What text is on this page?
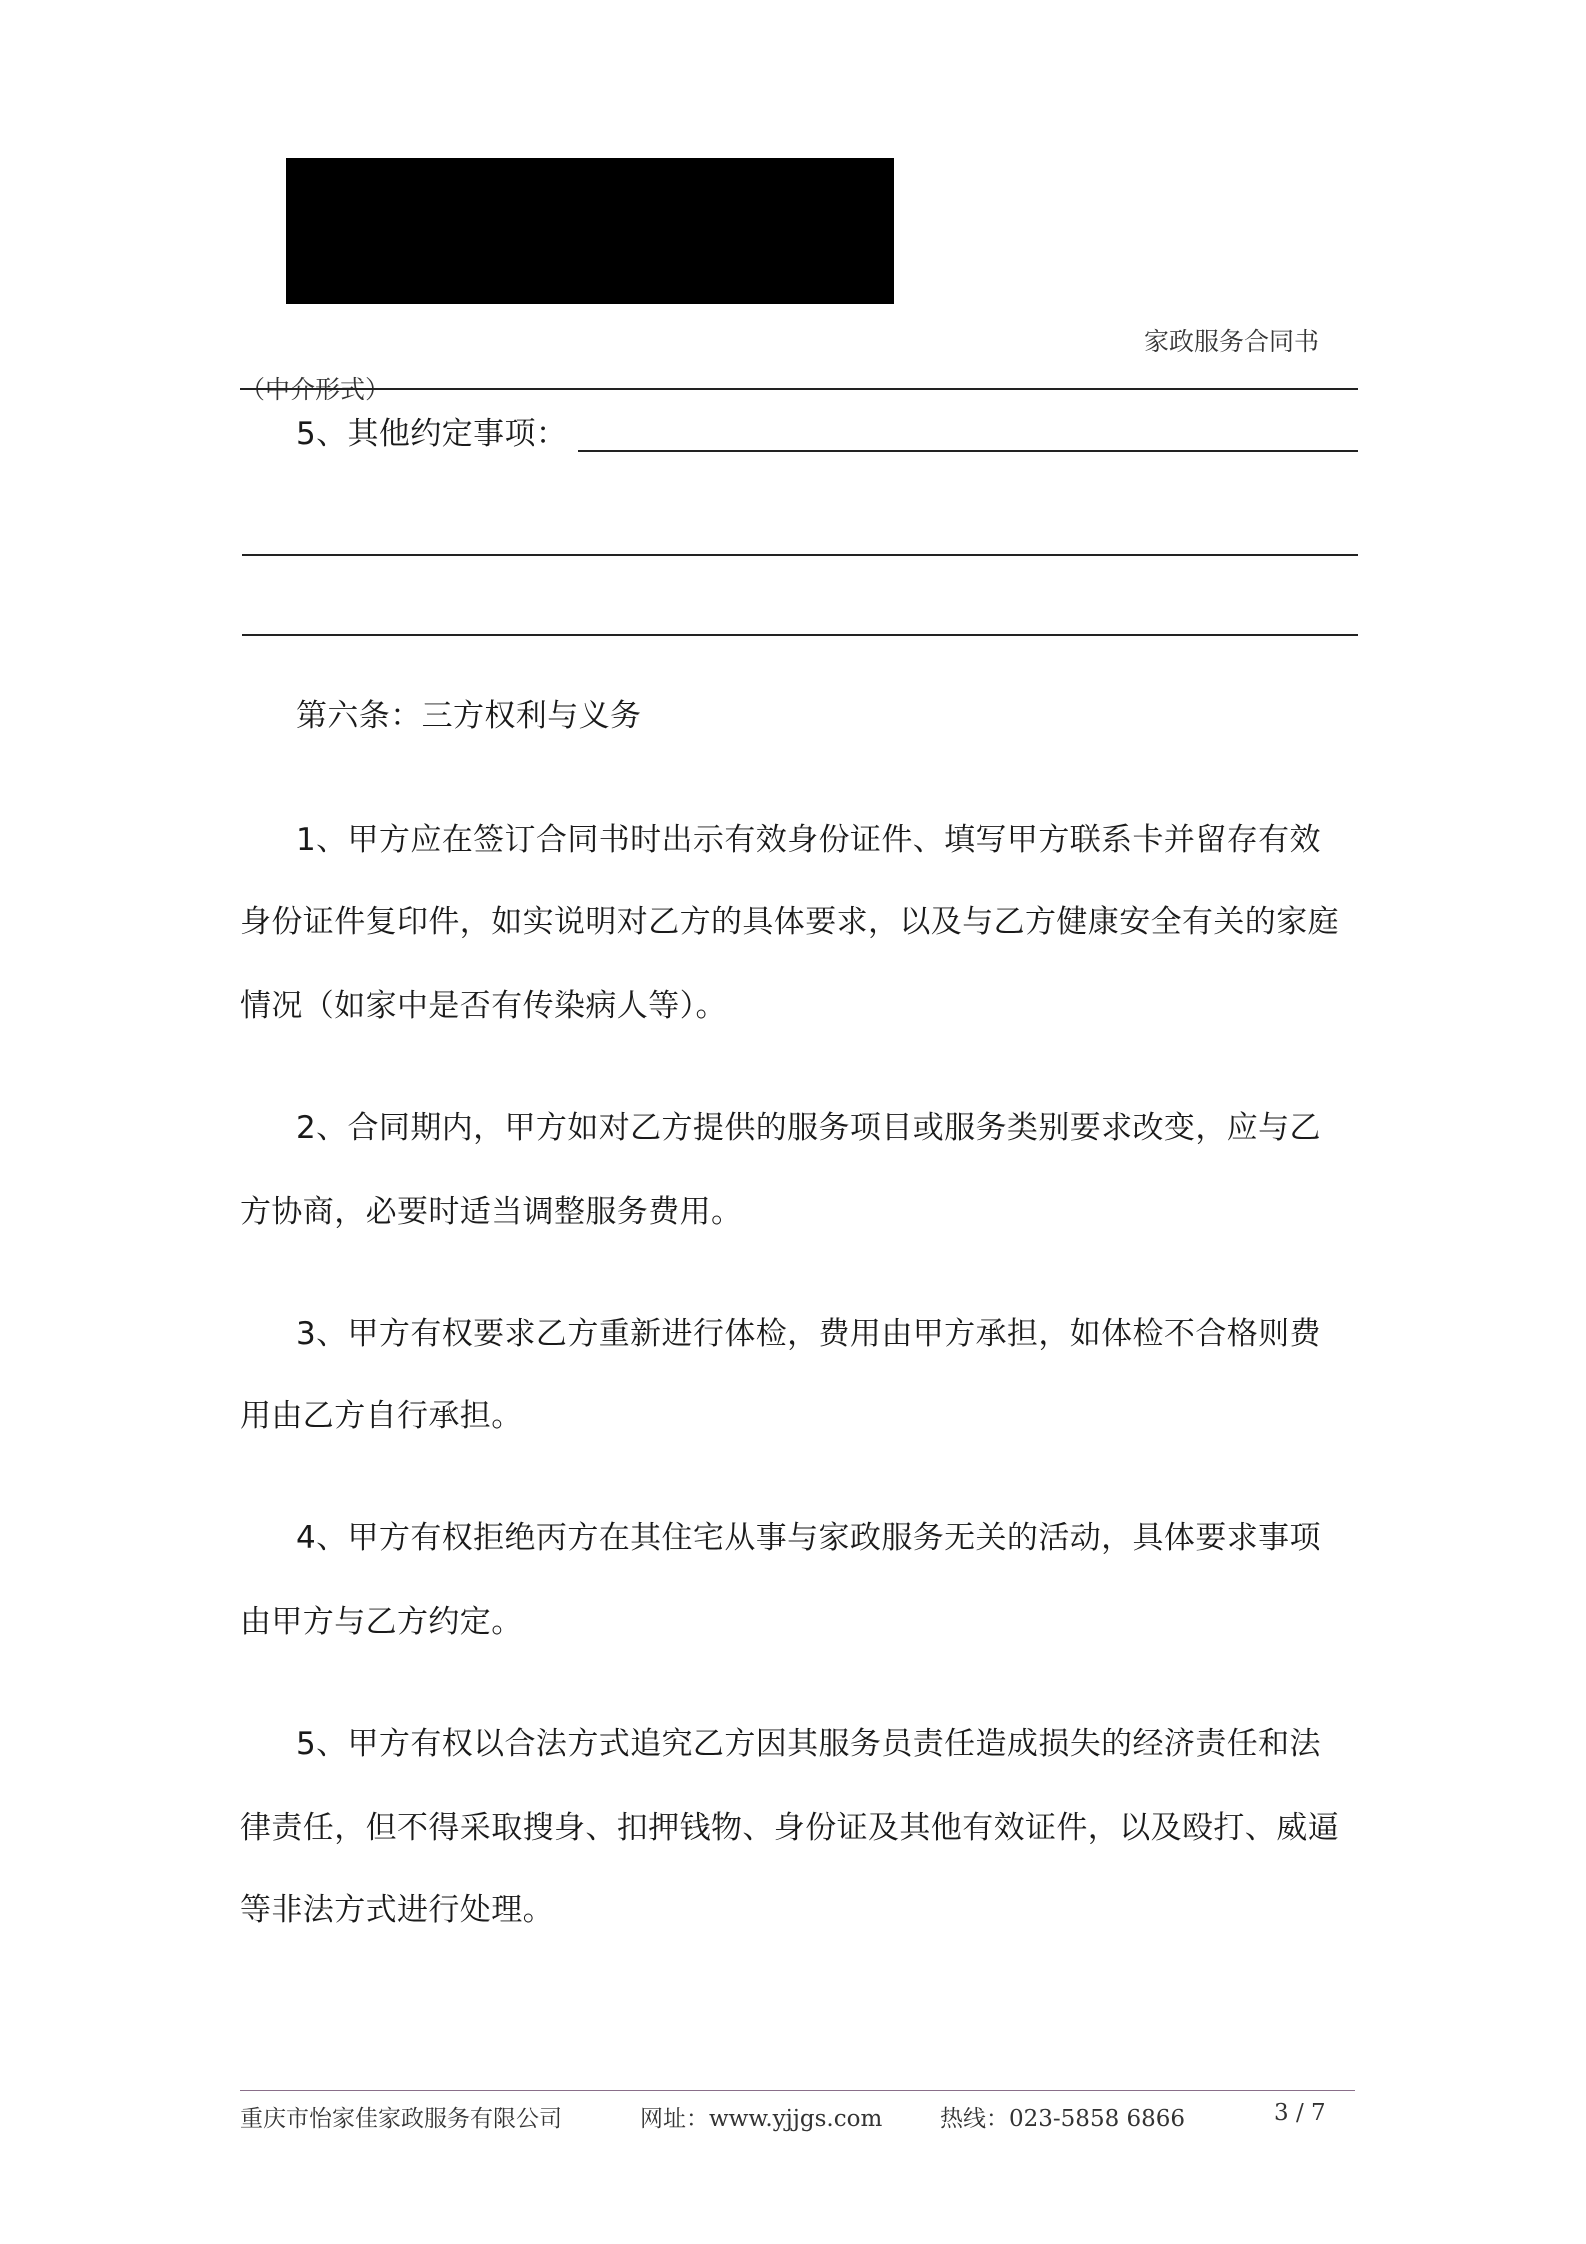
家政服务合同书（中介形式）
5、其他约定事项：
第六条：三方权利与义务
1、甲方应在签订合同书时出示有效身份证件、填写甲方联系卡并留存有效
身份证件复印件，如实说明对乙方的具体要求，以及与乙方健康安全有关的家庭
情况（如家中是否有传染病人等）。
2、合同期内，甲方如对乙方提供的服务项目或服务类别要求改变，应与乙
方协商，必要时适当调整服务费用。
3、甲方有权要求乙方重新进行体检，费用由甲方承担，如体检不合格则费
用由乙方自行承担。
4、甲方有权拒绝丙方在其住宅从事与家政服务无关的活动，具体要求事项
由甲方与乙方约定。
5、甲方有权以合法方式追究乙方因其服务员责任造成损失的经济责任和法
律责任，但不得采取搜身、扣押钱物、身份证及其他有效证件，以及殴打、威逼
等非法方式进行处理。
重庆市怡家佳家政服务有限公司	网址：www.yjjgs.com	热线：023-5858 6866	3 / 7
